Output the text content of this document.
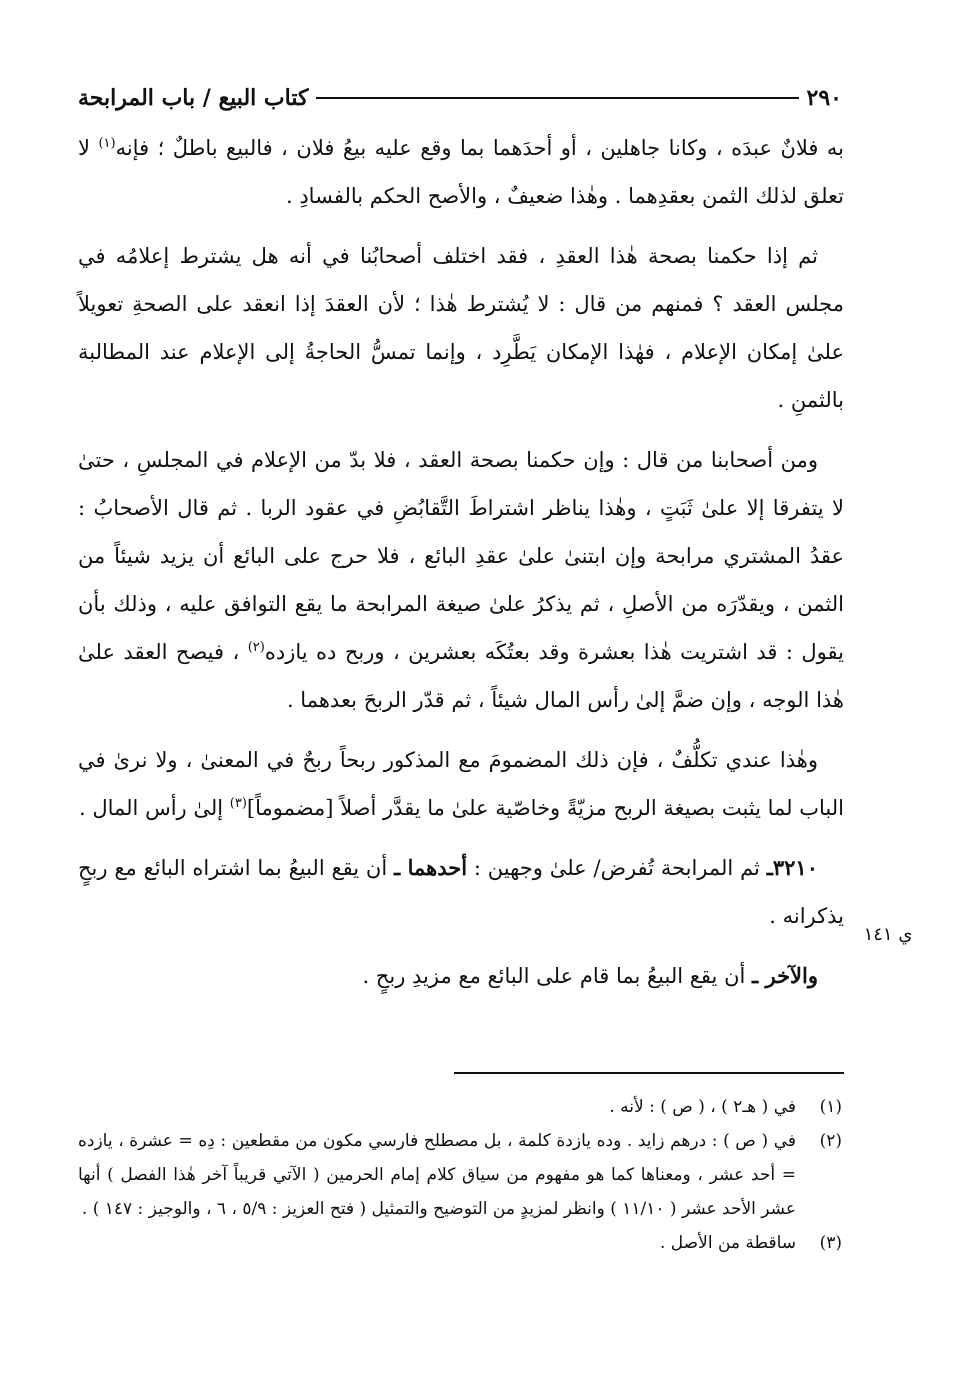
٢٩٠
كتاب البيع / باب المرابحة

به فلانٌ عبدَه ، وكانا جاهلين ، أو أحدَهما بما وقع عليه بيعُ فلان ، فالبيع باطلٌ ؛ فإنه$^{(١)}$ لا تعلق لذلك الثمن بعقدِهما . وهٰذا ضعيفٌ ، والأصح الحكم بالفسادِ .

ثم إذا حكمنا بصحة هٰذا العقدِ ، فقد اختلف أصحابُنا في أنه هل يشترط إعلامُه في مجلس العقد ؟ فمنهم من قال : لا يُشترط هٰذا ؛ لأن العقدَ إذا انعقد على الصحةِ تعويلاً علىٰ إمكان الإعلام ، فهٰذا الإمكان يَطَّرِد ، وإنما تمسُّ الحاجةُ إلى الإعلام عند المطالبة بالثمنِ .

ومن أصحابنا من قال : وإن حكمنا بصحة العقد ، فلا بدّ من الإعلام في المجلسِ ، حتىٰ لا يتفرقا إلا علىٰ ثَبَتٍ ، وهٰذا يناظر اشتراطَ التَّقابُضِ في عقود الربا . ثم قال الأصحابُ : عقدُ المشتري مرابحة وإن ابتنىٰ علىٰ عقدِ البائع ، فلا حرج على البائع أن يزيد شيئاً من الثمن ، ويقدّرَه من الأصلِ ، ثم يذكرُ علىٰ صيغة المرابحة ما يقع التوافق عليه ، وذلك بأن يقول : قد اشتريت هٰذا بعشرة وقد بعتُكَه بعشرين ، وربح ده يازده$^{(٢)}$ ، فيصح العقد علىٰ هٰذا الوجه ، وإن ضمَّ إلىٰ رأس المال شيئاً ، ثم قدّر الربحَ بعدهما .

وهٰذا عندي تكلُّفٌ ، فإن ذلك المضمومَ مع المذكور ربحاً ربحٌ في المعنىٰ ، ولا نرىٰ في الباب لما يثبت بصيغة الربح مزيّةً وخاصّية علىٰ ما يقدَّر أصلاً [مضموماً]$^{(٣)}$ إلىٰ رأس المال .

٣٢١٠ـ ثم المرابحة تُفرض/ علىٰ وجهين : أحدهما ـ أن يقع البيعُ بما اشتراه البائع مع ربحٍ يذكرانه .

والآخر ـ أن يقع البيعُ بما قام على البائع مع مزيدِ ربحٍ .

ي ١٤١
(١)
في ( هـ٢ ) ، ( ص ) : لأنه .
(٢)
في ( ص ) : درهم زايد . وده يازدة كلمة ، بل مصطلح فارسي مكون من مقطعين : دِه = عشرة ، يازده = أحد عشر ، ومعناها كما هو مفهوم من سياق كلام إمام الحرمين ( الآتي قريباً آخر هٰذا الفصل ) أنها عشر الأحد عشر ( ١١/١٠ ) وانظر لمزيدٍ من التوضيح والتمثيل ( فتح العزيز : ٥/٩ ، ٦ ، والوجيز : ١٤٧ ) .
(٣)
ساقطة من الأصل .
